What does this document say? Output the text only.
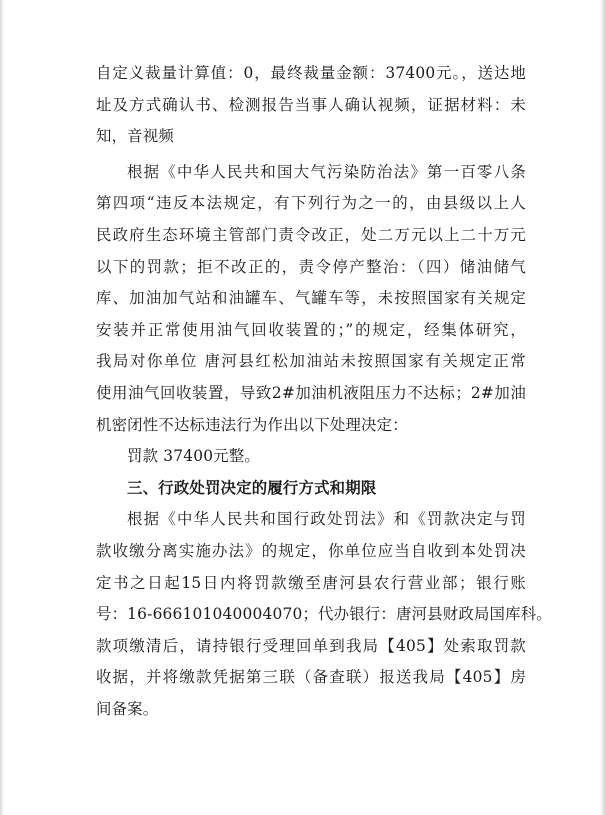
自定义裁量计算值：0，最终裁量金额：37400元。，送达地
址及方式确认书、检测报告当事人确认视频，证据材料：未
知，音视频
根据《中华人民共和国大气污染防治法》第一百零八条
第四项“违反本法规定，有下列行为之一的，由县级以上人
民政府生态环境主管部门责令改正，处二万元以上二十万元
以下的罚款；拒不改正的，责令停产整治：（四）储油储气
库、加油加气站和油罐车、气罐车等，未按照国家有关规定
安装并正常使用油气回收装置的；”的规定，经集体研究，
我局对你单位 唐河县红松加油站未按照国家有关规定正常
使用油气回收装置，导致2#加油机液阻压力不达标；2#加油
机密闭性不达标违法行为作出以下处理决定：
罚款 37400元整。
三、行政处罚决定的履行方式和期限
根据《中华人民共和国行政处罚法》和《罚款决定与罚
款收缴分离实施办法》的规定，你单位应当自收到本处罚决
定书之日起15日内将罚款缴至唐河县农行营业部；银行账
号：16-666101040004070；代办银行：唐河县财政局国库科。
款项缴清后，请持银行受理回单到我局【405】处索取罚款
收据，并将缴款凭据第三联（备查联）报送我局【405】房
间备案。
